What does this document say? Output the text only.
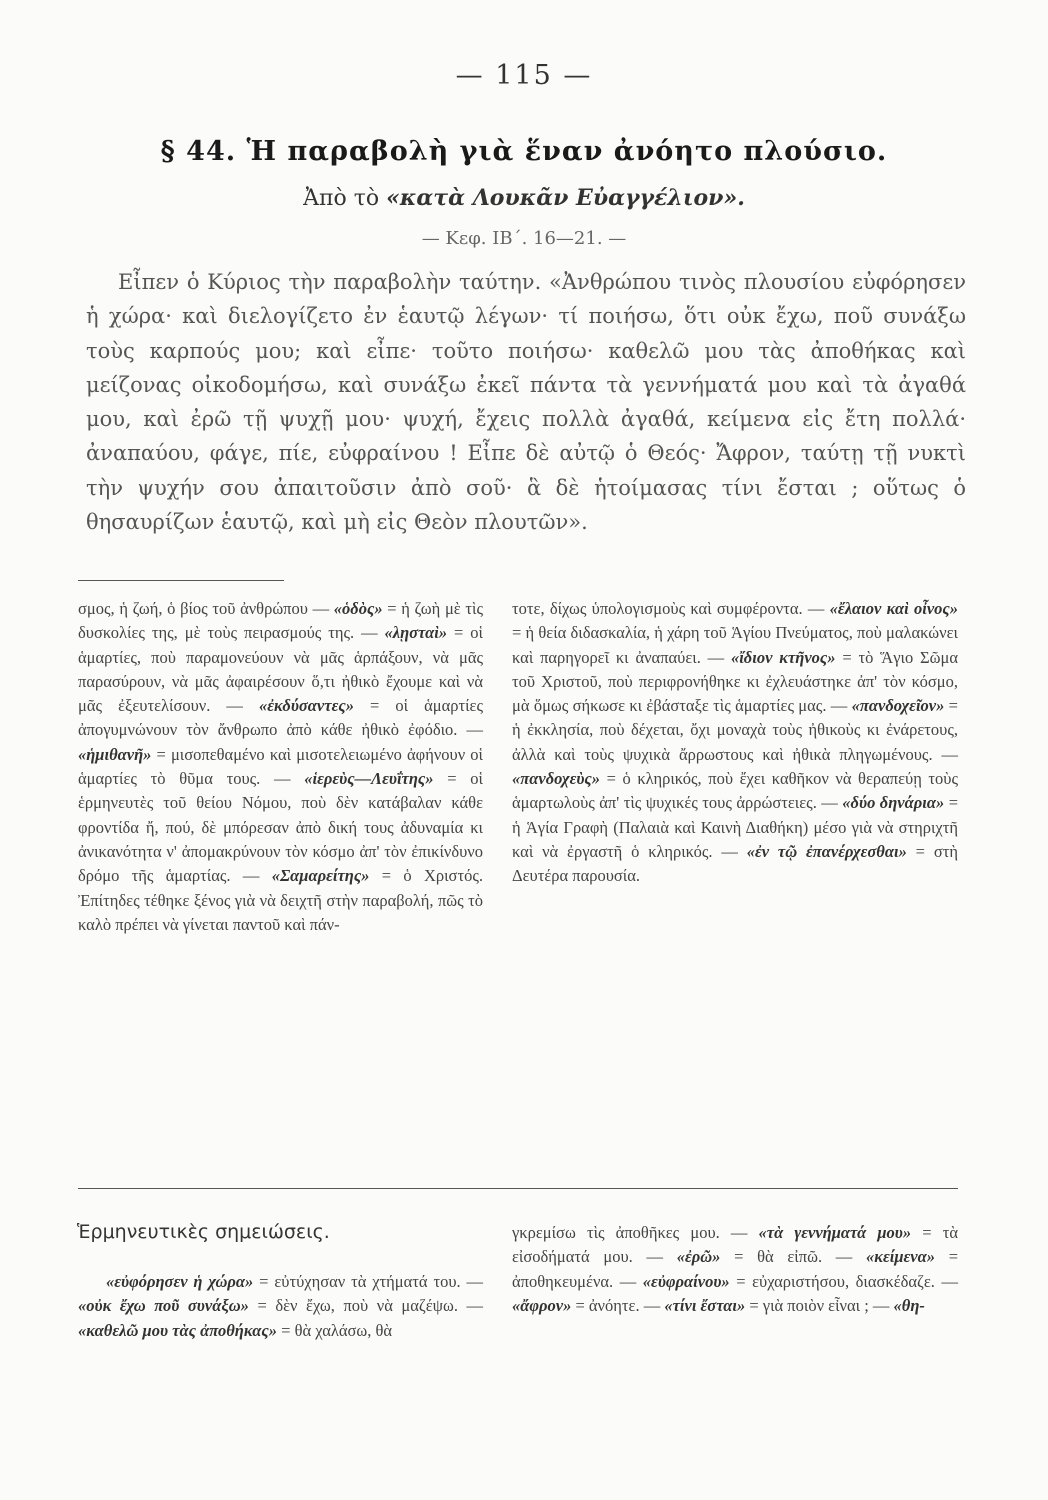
— 115 —
§ 44. Ἡ παραβολὴ γιὰ ἕναν ἀνόητο πλούσιο.
Ἀπὸ τὸ «κατὰ Λουκᾶν Εὐαγγέλιον».
— Κεφ. ΙΒ΄. 16—21. —

Εἶπεν ὁ Κύριος τὴν παραβολὴν ταύτην. «Ἀνθρώπου τινὸς πλουσίου εὐφόρησεν ἡ χώρα· καὶ διελογίζετο ἐν ἑαυτῷ λέγων· τί ποιήσω, ὅτι οὐκ ἔχω, ποῦ συνάξω τοὺς καρπούς μου; καὶ εἶπε· τοῦτο ποιήσω· καθελῶ μου τὰς ἀποθήκας καὶ μείζονας οἰκοδομήσω, καὶ συνάξω ἐκεῖ πάντα τὰ γεννήματά μου καὶ τὰ ἀγαθά μου, καὶ ἐρῶ τῇ ψυχῇ μου· ψυχή, ἔχεις πολλὰ ἀγαθά, κείμενα εἰς ἔτη πολλά· ἀναπαύου, φάγε, πίε, εὐφραίνου ! Εἶπε δὲ αὐτῷ ὁ Θεός· Ἄφρον, ταύτῃ τῇ νυκτὶ τὴν ψυχήν σου ἀπαιτοῦσιν ἀπὸ σοῦ· ἃ δὲ ἡτοίμασας τίνι ἔσται ; οὕτως ὁ θησαυρίζων ἑαυτῷ, καὶ μὴ εἰς Θεὸν πλουτῶν».

σμος, ἡ ζωή, ὁ βίος τοῦ ἀνθρώπου — «ὁδὸς» = ἡ ζωὴ μὲ τὶς δυσκολίες της, μὲ τοὺς πειρασμούς της. — «λῃσταὶ» = οἱ ἁμαρτίες, ποὺ παραμονεύουν νὰ μᾶς ἁρπάξουν, νὰ μᾶς παρασύρουν, νὰ μᾶς ἀφαιρέσουν ὅ,τι ἠθικὸ ἔχουμε καὶ νὰ μᾶς ἐξευτελίσουν. — «ἐκδύσαντες» = οἱ ἁμαρτίες ἀπογυμνώνουν τὸν ἄνθρωπο ἀπὸ κάθε ἠθικὸ ἐφόδιο. — «ἡμιθανῆ» = μισοπεθαμένο καὶ μισοτελειωμένο ἀφήνουν οἱ ἁμαρτίες τὸ θῦμα τους. — «ἱερεὺς—Λευΐτης» = οἱ ἑρμηνευτὲς τοῦ θείου Νόμου, ποὺ δὲν κατάβαλαν κάθε φροντίδα ἤ, πού, δὲ μπόρεσαν ἀπὸ δική τους ἀδυναμία κι ἀνικανότητα ν' ἀπομακρύνουν τὸν κόσμο ἀπ' τὸν ἐπικίνδυνο δρόμο τῆς ἁμαρτίας. — «Σαμαρείτης» = ὁ Χριστός. Ἐπίτηδες τέθηκε ξένος γιὰ νὰ δειχτῆ στὴν παραβολή, πῶς τὸ καλὸ πρέπει νὰ γίνεται παντοῦ καὶ πάν-

τοτε, δίχως ὑπολογισμοὺς καὶ συμφέροντα. — «ἔλαιον καὶ οἶνος» = ἡ θεία διδασκαλία, ἡ χάρη τοῦ Ἁγίου Πνεύματος, ποὺ μαλακώνει καὶ παρηγορεῖ κι ἀναπαύει. — «ἴδιον κτῆνος» = τὸ Ἅγιο Σῶμα τοῦ Χριστοῦ, ποὺ περιφρονήθηκε κι ἐχλευάστηκε ἀπ' τὸν κόσμο, μὰ ὅμως σήκωσε κι ἐβάσταξε τὶς ἁμαρτίες μας. — «πανδοχεῖον» = ἡ ἐκκλησία, ποὺ δέχεται, ὄχι μοναχὰ τοὺς ἠθικοὺς κι ἐνάρετους, ἀλλὰ καὶ τοὺς ψυχικὰ ἄρρωστους καὶ ἠθικὰ πληγωμένους. — «πανδοχεὺς» = ὁ κληρικός, ποὺ ἔχει καθῆκον νὰ θεραπεύῃ τοὺς ἁμαρτωλοὺς ἀπ' τὶς ψυχικές τους ἀρρώστειες. — «δύο δηνάρια» = ἡ Ἁγία Γραφὴ (Παλαιὰ καὶ Καινὴ Διαθήκη) μέσο γιὰ νὰ στηριχτῆ καὶ νὰ ἐργαστῆ ὁ κληρικός. — «ἐν τῷ ἐπανέρχεσθαι» = στὴ Δευτέρα παρουσία.

Ἑρμηνευτικὲς σημειώσεις.

«εὐφόρησεν ἡ χώρα» = εὐτύχησαν τὰ χτήματά του. — «οὐκ ἔχω ποῦ συνάξω» = δὲν ἔχω, ποὺ νὰ μαζέψω. — «καθελῶ μου τὰς ἀποθήκας» = θὰ χαλάσω, θὰ

γκρεμίσω τὶς ἀποθῆκες μου. — «τὰ γεννήματά μου» = τὰ εἰσοδήματά μου. — «ἐρῶ» = θὰ εἰπῶ. — «κείμενα» = ἀποθηκευμένα. — «εὐφραίνου» = εὐχαριστήσου, διασκέδαζε. — «ἄφρον» = ἀνόητε. — «τίνι ἔσται» = γιὰ ποιὸν εἶναι ; — «θη-
